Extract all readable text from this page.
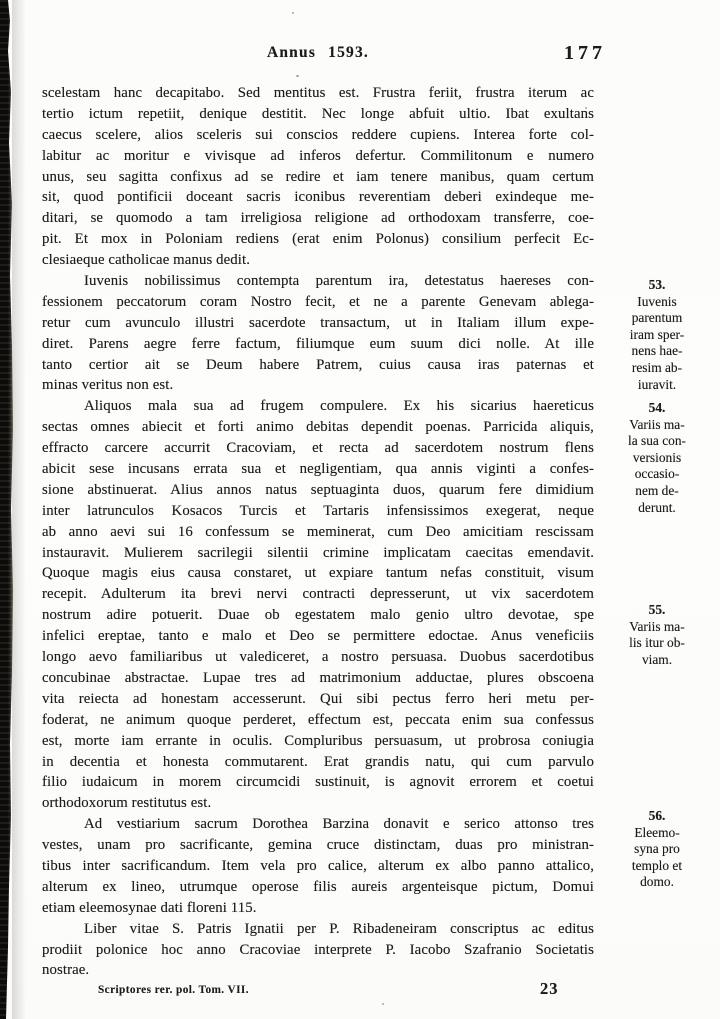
Annus 1593.	177
scelestam hanc decapitabo. Sed mentitus est. Frustra feriit, frustra iterum ac
tertio ictum repetiit, denique destitit. Nec longe abfuit ultio. Ibat exultans
caecus scelere, alios sceleris sui conscios reddere cupiens. Interea forte col-
labitur ac moritur e vivisque ad inferos defertur. Commilitonum e numero
unus, seu sagitta confixus ad se redire et iam tenere manibus, quam certum
sit, quod pontificii doceant sacris iconibus reverentiam deberi exindeque me-
ditari, se quomodo a tam irreligiosa religione ad orthodoxam transferre, coe-
pit. Et mox in Poloniam rediens (erat enim Polonus) consilium perfecit Ec-
clesiaeque catholicae manus dedit.
Iuvenis nobilissimus contempta parentum ira, detestatus haereses con-
fessionem peccatorum coram Nostro fecit, et ne a parente Genevam ablega-
retur cum avunculo illustri sacerdote transactum, ut in Italiam illum expe-
diret. Parens aegre ferre factum, filiumque eum suum dici nolle. At ille
tanto certior ait se Deum habere Patrem, cuius causa iras paternas et
minas veritus non est.
Aliquos mala sua ad frugem compulere. Ex his sicarius haereticus
sectas omnes abiecit et forti animo debitas dependit poenas. Parricida aliquis,
effracto carcere accurrit Cracoviam, et recta ad sacerdotem nostrum flens
abicit sese incusans errata sua et negligentiam, qua annis viginti a confes-
sione abstinuerat. Alius annos natus septuaginta duos, quarum fere dimidium
inter latrunculos Kosacos Turcis et Tartaris infensissimos exegerat, neque
ab anno aevi sui 16 confessum se meminerat, cum Deo amicitiam rescissam
instauravit. Mulierem sacrilegii silentii crimine implicatam caecitas emendavit.
Quoque magis eius causa constaret, ut expiare tantum nefas constituit, visum
recepit. Adulterum ita brevi nervi contracti depresserunt, ut vix sacerdotem
nostrum adire potuerit. Duae ob egestatem malo genio ultro devotae, spe
infelici ereptae, tanto e malo et Deo se permittere edoctae. Anus veneficiis
longo aevo familiaribus ut valediceret, a nostro persuasa. Duobus sacerdotibus
concubinae abstractae. Lupae tres ad matrimonium adductae, plures obscoena
vita reiecta ad honestam accesserunt. Qui sibi pectus ferro heri metu per-
foderat, ne animum quoque perderet, effectum est, peccata enim sua confessus
est, morte iam errante in oculis. Compluribus persuasum, ut probrosa coniugia
in decentia et honesta commutarent. Erat grandis natu, qui cum parvulo
filio iudaicum in morem circumcidi sustinuit, is agnovit errorem et coetui
orthodoxorum restitutus est.
Ad vestiarium sacrum Dorothea Barzina donavit e serico attonso tres
vestes, unam pro sacrificante, gemina cruce distinctam, duas pro ministran-
tibus inter sacrificandum. Item vela pro calice, alterum ex albo panno attalico,
alterum ex lineo, utrumque operose filis aureis argenteisque pictum, Domui
etiam eleemosynae dati floreni 115.
Liber vitae S. Patris Ignatii per P. Ribadeneiram conscriptus ac editus
prodiit polonice hoc anno Cracoviae interprete P. Iacobo Szafranio Societatis
nostrae.
53.
Iuvenis
parentum
iram sper-
nens hae-
resim ab-
iuravit.
54.
Variis ma-
la sua con-
versionis
occasio-
nem de-
derunt.
55.
Variis ma-
lis itur ob-
viam.
56.
Eleemo-
syna pro
templo et
domo.
Scriptores rer. pol. Tom. VII.	23
